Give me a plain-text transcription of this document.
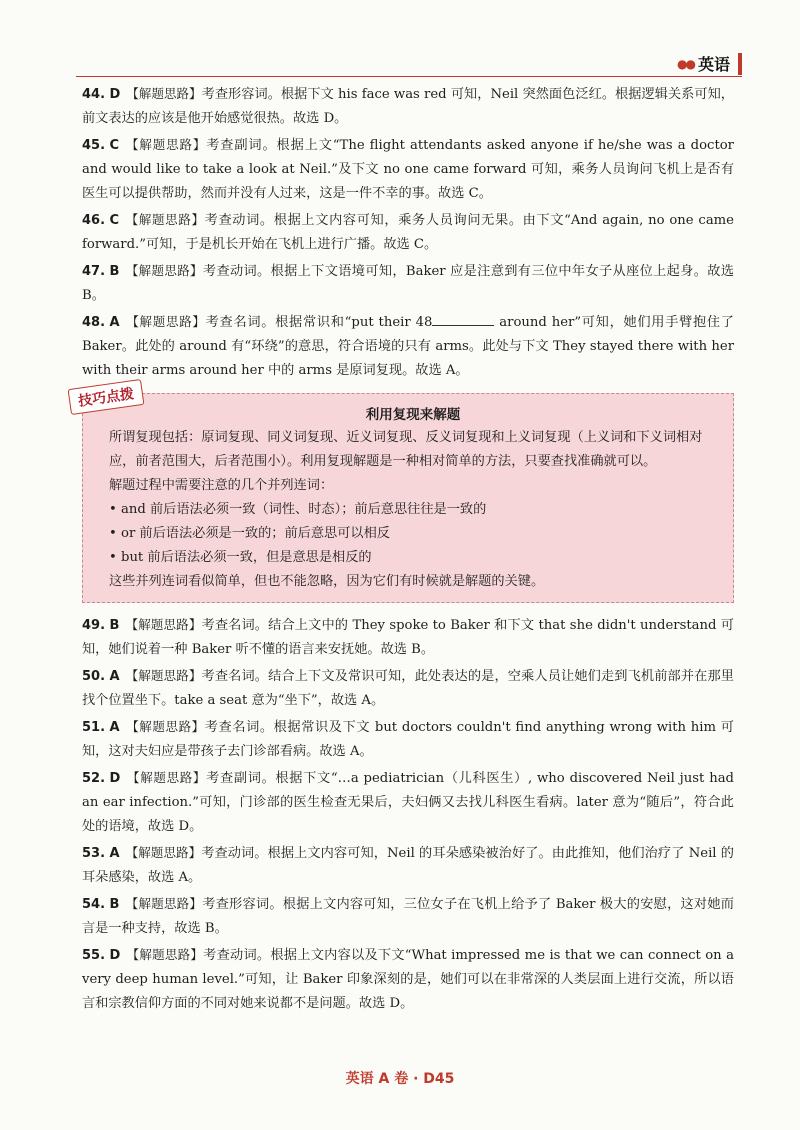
●● 英语
44. D 【解题思路】考查形容词。根据下文 his face was red 可知，Neil 突然面色泛红。根据逻辑关系可知，前文表达的应该是他开始感觉很热。故选 D。
45. C 【解题思路】考查副词。根据上文“The flight attendants asked anyone if he/she was a doctor and would like to take a look at Neil.”及下文 no one came forward 可知，乘务人员询问飞机上是否有医生可以提供帮助，然而并没有人过来，这是一件不幸的事。故选 C。
46. C 【解题思路】考查动词。根据上文内容可知，乘务人员询问无果。由下文“And again, no one came forward.”可知，于是机长开始在飞机上进行广播。故选 C。
47. B 【解题思路】考查动词。根据上下文语境可知，Baker 应是注意到有三位中年女子从座位上起身。故选 B。
48. A 【解题思路】考查名词。根据常识和“put their 48	around her”可知，她们用手臂抱住了 Baker。此处的 around 有“环绕”的意思，符合语境的只有 arms。此处与下文 They stayed there with her with their arms around her 中的 arms 是原词复现。故选 A。
技巧点拨
利用复现来解题
所谓复现包括：原词复现、同义词复现、近义词复现、反义词复现和上义词复现（上义词和下义词相对应，前者范围大，后者范围小）。利用复现解题是一种相对简单的方法，只要查找准确就可以。
解题过程中需要注意的几个并列连词：
• and 前后语法必须一致（词性、时态）；前后意思往往是一致的
• or 前后语法必须是一致的；前后意思可以相反
• but 前后语法必须一致，但是意思是相反的
这些并列连词看似简单，但也不能忽略，因为它们有时候就是解题的关键。
49. B 【解题思路】考查名词。结合上文中的 They spoke to Baker 和下文 that she didn't understand 可知，她们说着一种 Baker 听不懂的语言来安抚她。故选 B。
50. A 【解题思路】考查名词。结合上下文及常识可知，此处表达的是，空乘人员让她们走到飞机前部并在那里找个位置坐下。take a seat 意为“坐下”，故选 A。
51. A 【解题思路】考查名词。根据常识及下文 but doctors couldn't find anything wrong with him 可知，这对夫妇应是带孩子去门诊部看病。故选 A。
52. D 【解题思路】考查副词。根据下文“…a pediatrician（儿科医生）, who discovered Neil just had an ear infection.”可知，门诊部的医生检查无果后，夫妇俩又去找儿科医生看病。later 意为“随后”，符合此处的语境，故选 D。
53. A 【解题思路】考查动词。根据上文内容可知，Neil 的耳朵感染被治好了。由此推知，他们治疗了 Neil 的耳朵感染，故选 A。
54. B 【解题思路】考查形容词。根据上文内容可知，三位女子在飞机上给予了 Baker 极大的安慰，这对她而言是一种支持，故选 B。
55. D 【解题思路】考查动词。根据上文内容以及下文“What impressed me is that we can connect on a very deep human level.”可知，让 Baker 印象深刻的是，她们可以在非常深的人类层面上进行交流，所以语言和宗教信仰方面的不同对她来说都不是问题。故选 D。
英语 A 卷 · D45
